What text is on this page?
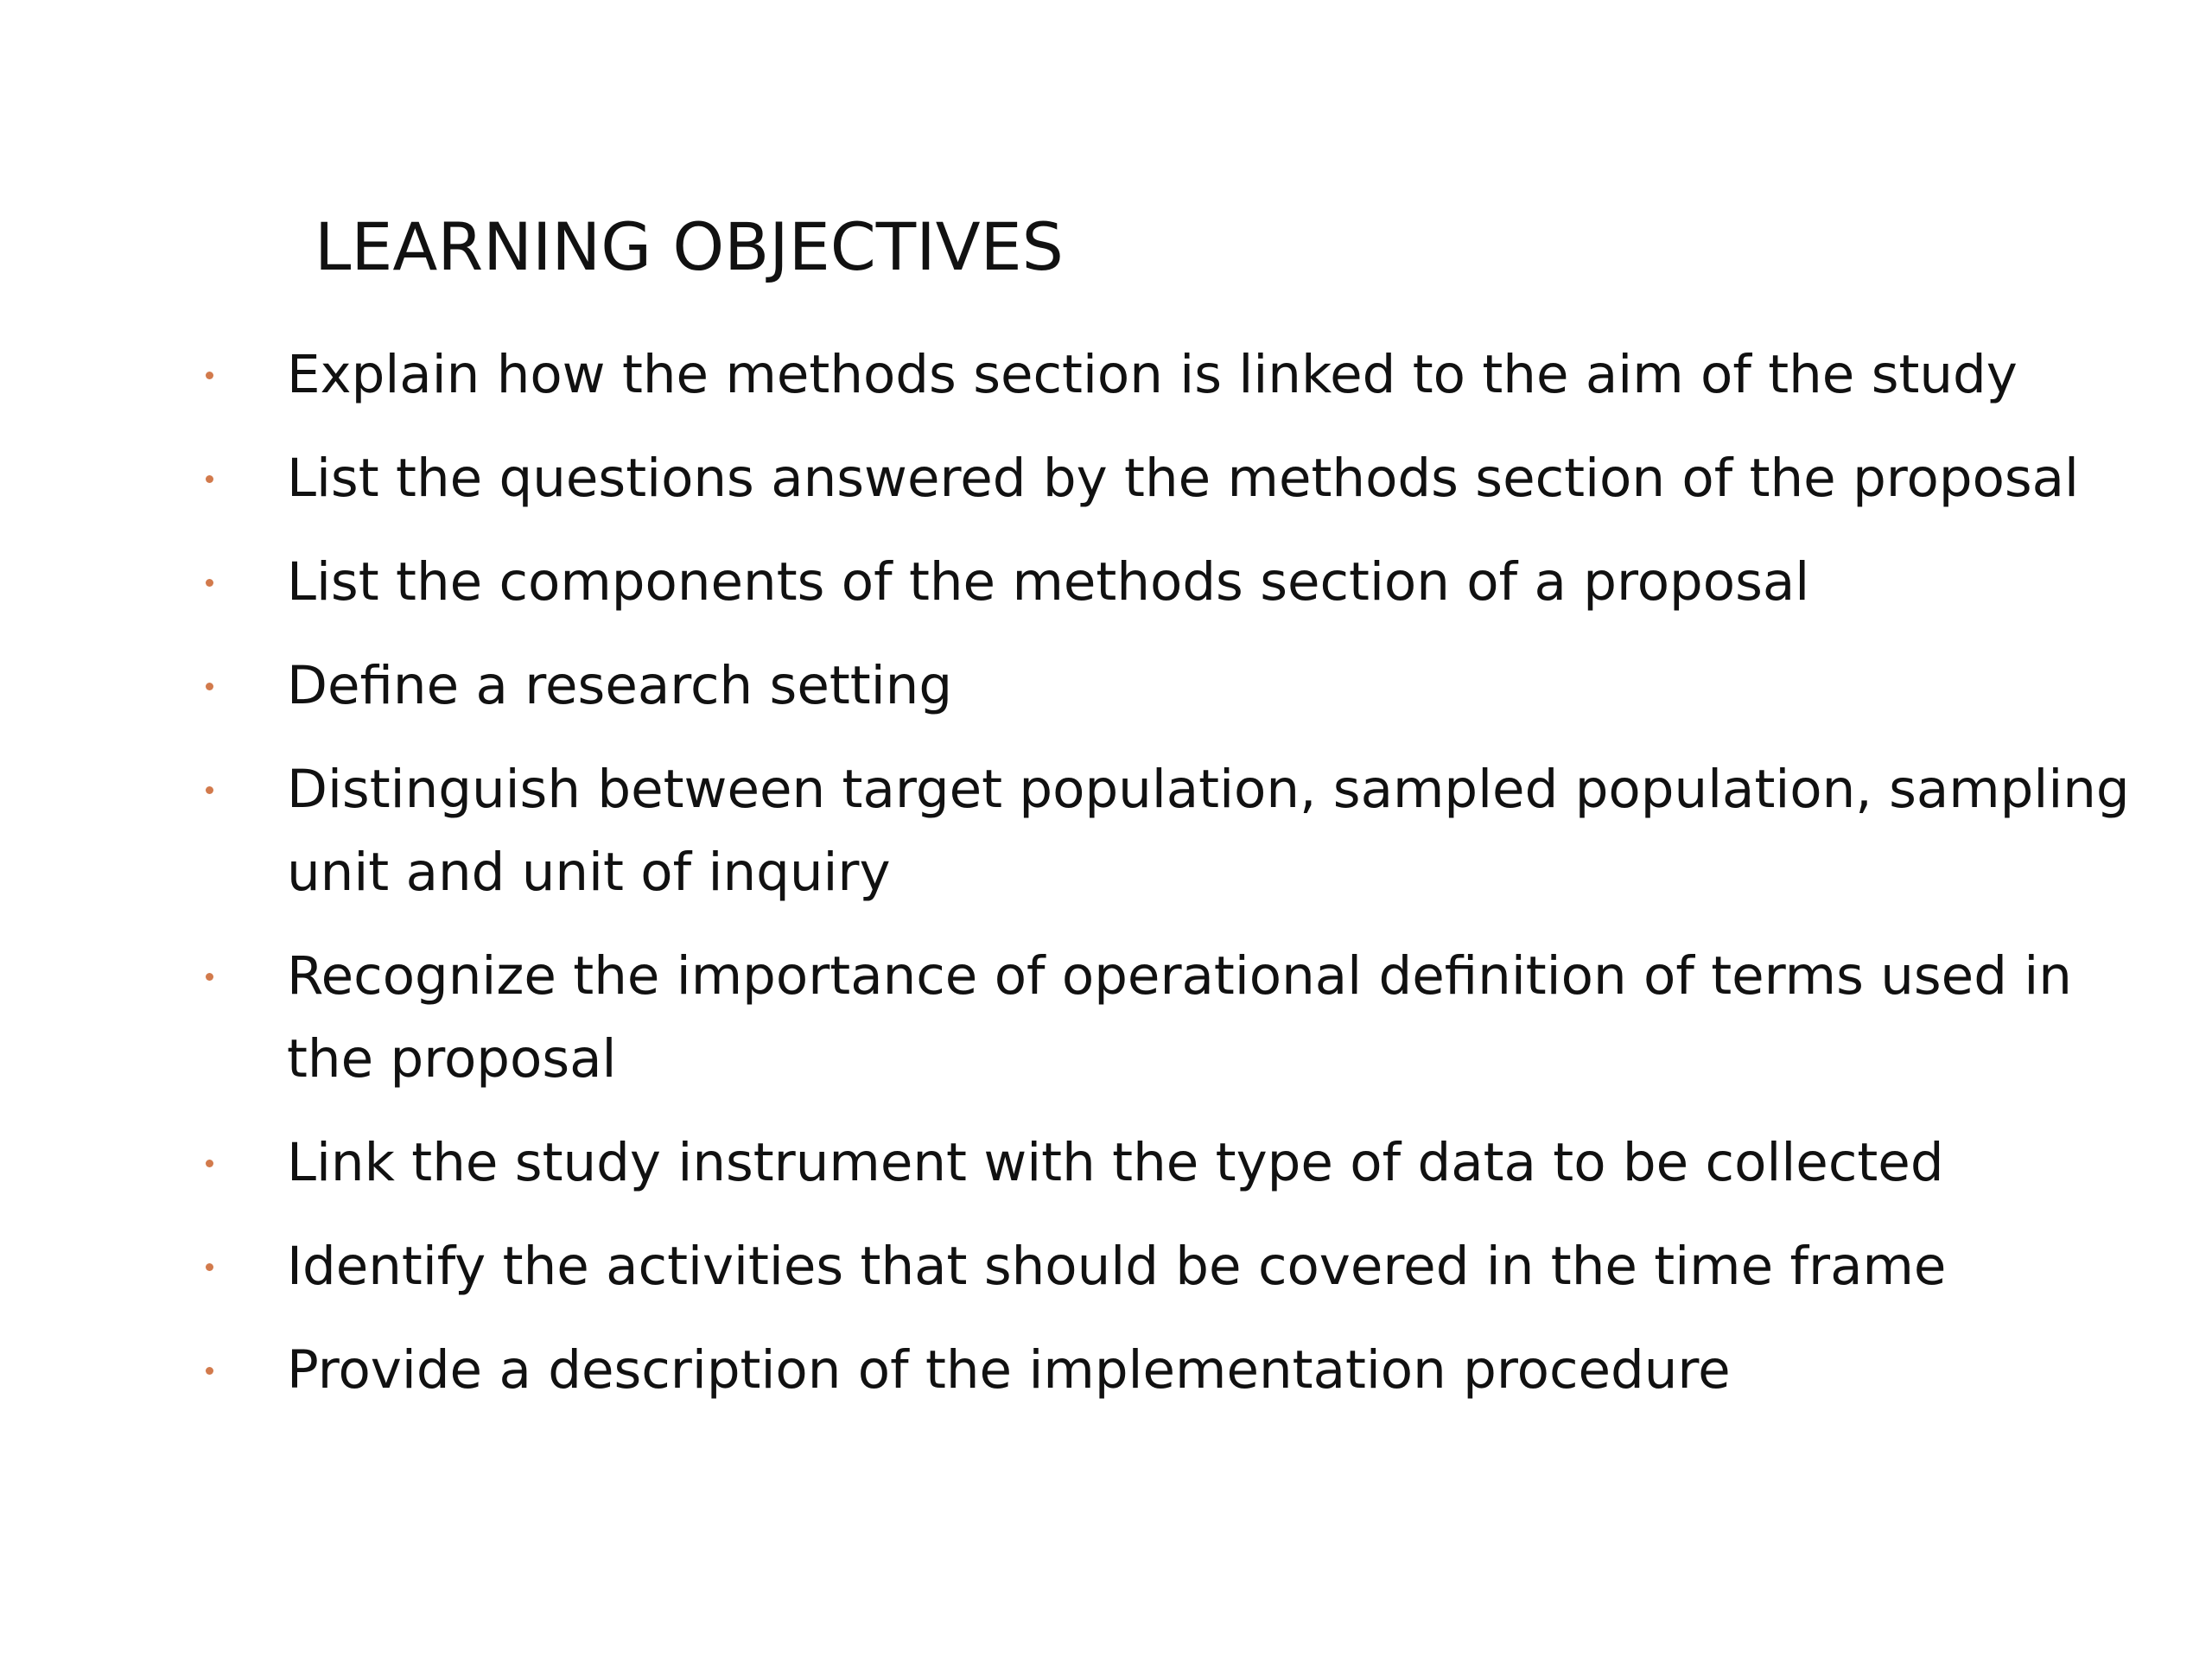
LEARNING OBJECTIVES
Explain how the methods section is linked to the aim of the study
List the questions answered by the methods section of the proposal
List the components of the methods section of a proposal
Define a research setting
Distinguish between target population, sampled population, sampling unit and unit of inquiry
Recognize the importance of operational definition of terms used in the proposal
Link the study instrument with the type of data to be collected
Identify the activities that should be covered in the time frame
Provide a description of the implementation procedure
